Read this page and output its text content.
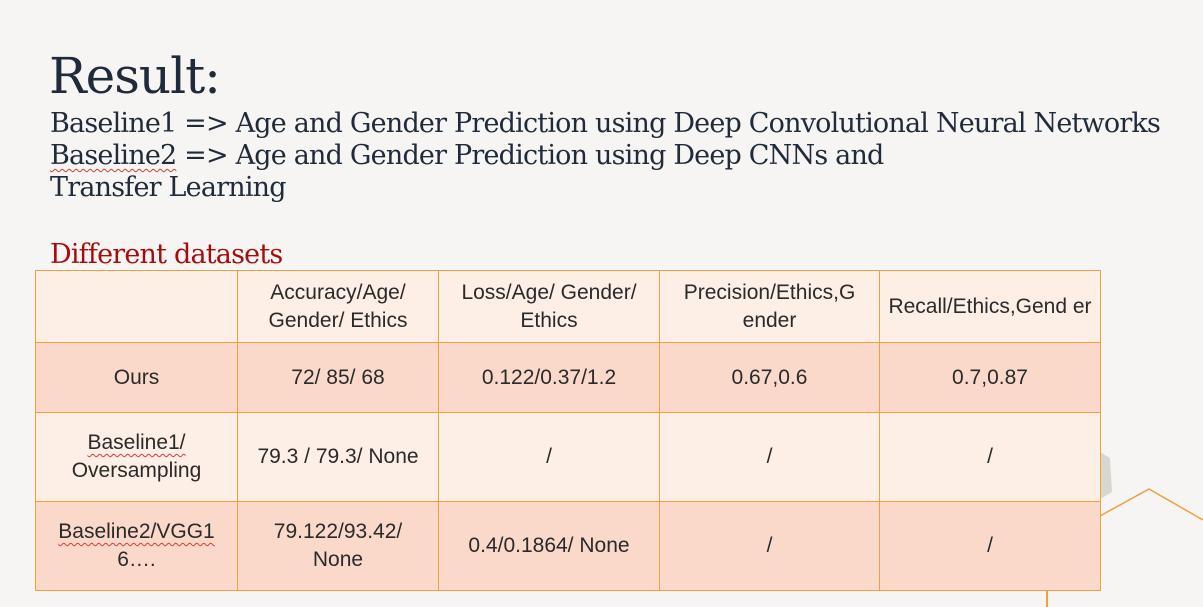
Result:
Baseline1 => Age and Gender Prediction using Deep Convolutional Neural Networks
Baseline2 => Age and Gender Prediction using Deep CNNs and
Transfer Learning
Different datasets
	Accuracy/Age/ Gender/ Ethics	Loss/Age/ Gender/ Ethics	Precision/Ethics,G ender	Recall/Ethics,Gend er
Ours	72/ 85/ 68	0.122/0.37/1.2	0.67,0.6	0.7,0.87

Baseline1/
Oversampling	79.3 / 79.3/ None	/	/	/

Baseline2/VGG1
6….	79.122/93.42/ None	0.4/0.1864/ None	/	/
